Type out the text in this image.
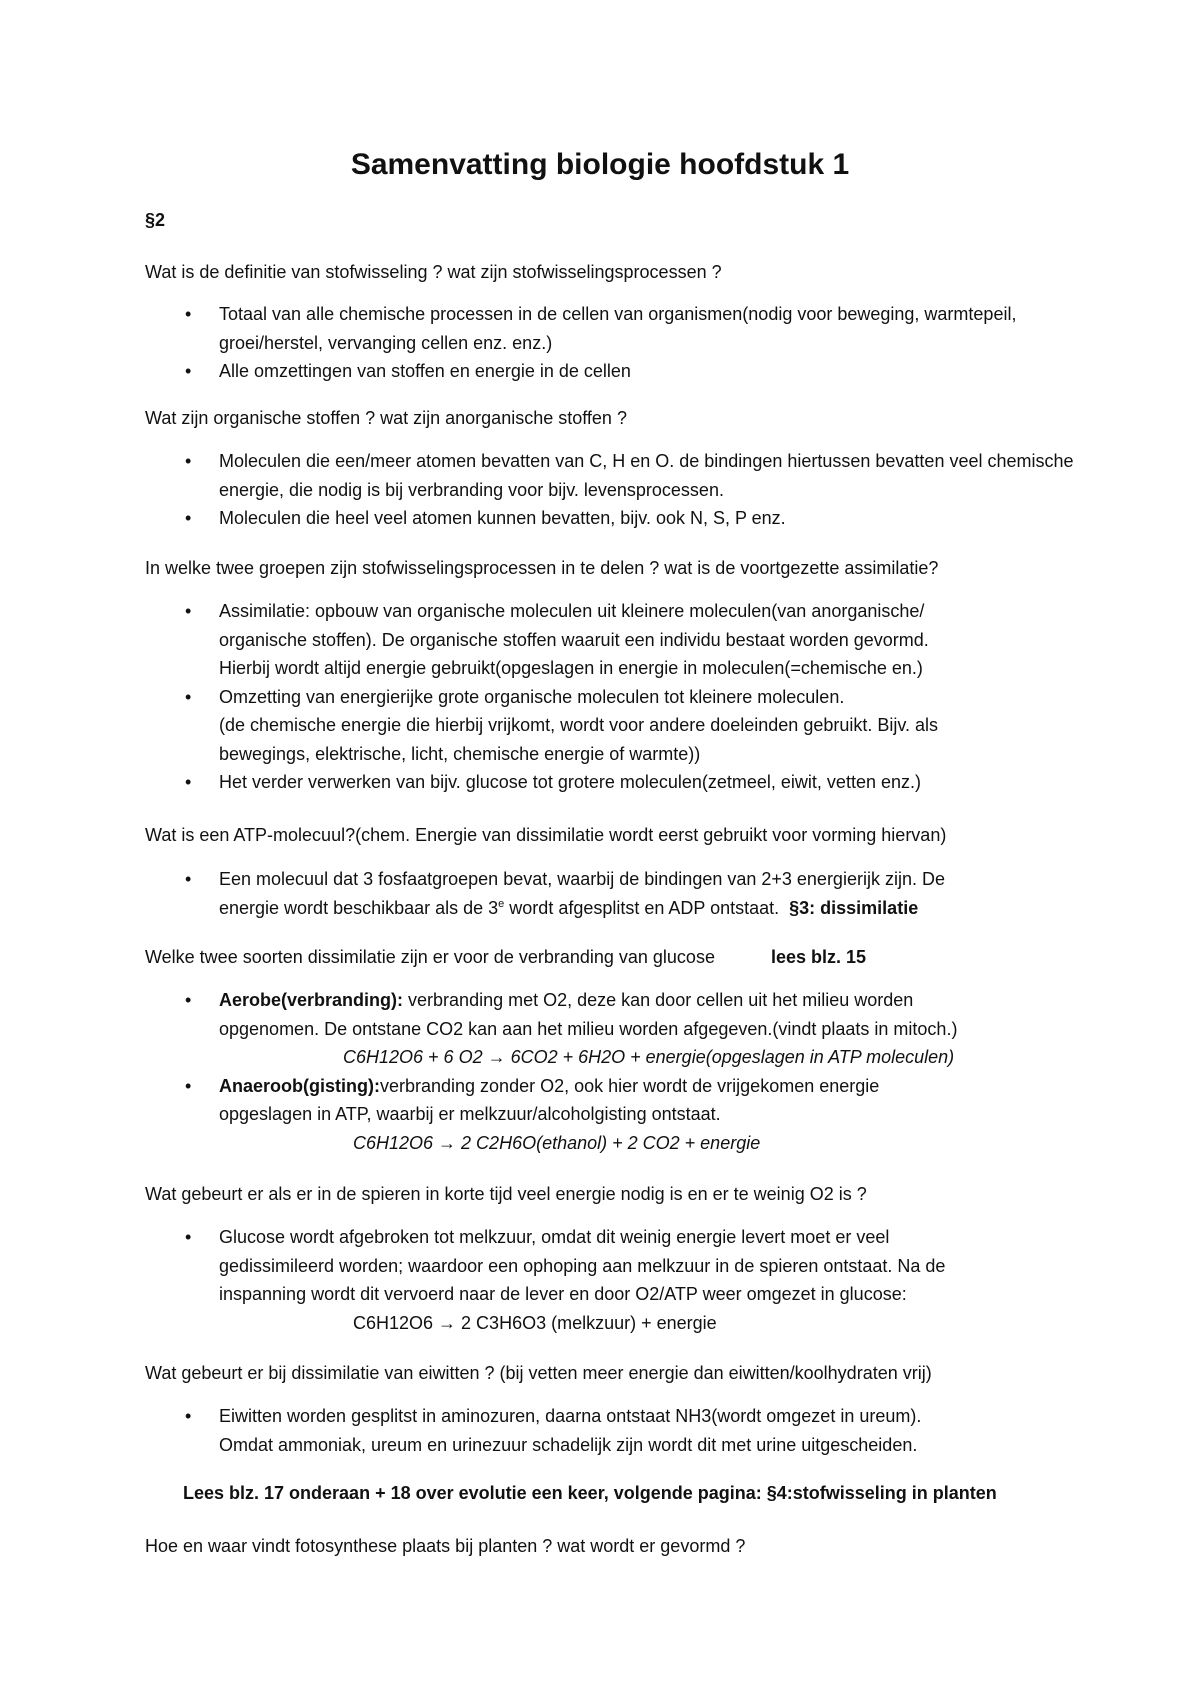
Samenvatting biologie hoofdstuk 1

§2

Wat is de definitie van stofwisseling ? wat zijn stofwisselingsprocessen ?

• Totaal van alle chemische processen in de cellen van organismen(nodig voor beweging, warmtepeil, groei/herstel, vervanging cellen enz. enz.)
• Alle omzettingen van stoffen en energie in de cellen

Wat zijn organische stoffen ? wat zijn anorganische stoffen ?

• Moleculen die een/meer atomen bevatten van C, H en O. de bindingen hiertussen bevatten veel chemische energie, die nodig is bij verbranding voor bijv. levensprocessen.
• Moleculen die heel veel atomen kunnen bevatten, bijv. ook N, S, P enz.

In welke twee groepen zijn stofwisselingsprocessen in te delen ? wat is de voortgezette assimilatie?

• Assimilatie: opbouw van organische moleculen uit kleinere moleculen(van anorganische/
organische stoffen). De organische stoffen waaruit een individu bestaat worden gevormd.
Hierbij wordt altijd energie gebruikt(opgeslagen in energie in moleculen(=chemische en.)
• Omzetting van energierijke grote organische moleculen tot kleinere moleculen.
(de chemische energie die hierbij vrijkomt, wordt voor andere doeleinden gebruikt. Bijv. als
bewegings, elektrische, licht, chemische energie of warmte))
• Het verder verwerken van bijv. glucose tot grotere moleculen(zetmeel, eiwit, vetten enz.)

Wat is een ATP-molecuul?(chem. Energie van dissimilatie wordt eerst gebruikt voor vorming hiervan)

• Een molecuul dat 3 fosfaatgroepen bevat, waarbij de bindingen van 2+3 energierijk zijn. De
energie wordt beschikbaar als de 3e wordt afgesplitst en ADP ontstaat. §3: dissimilatie

Welke twee soorten dissimilatie zijn er voor de verbranding van glucose	lees blz. 15

• Aerobe(verbranding): verbranding met O2, deze kan door cellen uit het milieu worden
opgenomen. De ontstane CO2 kan aan het milieu worden afgegeven.(vindt plaats in mitoch.)
C6H12O6 + 6 O2 → 6CO2 + 6H2O + energie(opgeslagen in ATP moleculen)
• Anaeroob(gisting):verbranding zonder O2, ook hier wordt de vrijgekomen energie
opgeslagen in ATP, waarbij er melkzuur/alcoholgisting ontstaat.
C6H12O6 → 2 C2H6O(ethanol) + 2 CO2 + energie

Wat gebeurt er als er in de spieren in korte tijd veel energie nodig is en er te weinig O2 is ?

• Glucose wordt afgebroken tot melkzuur, omdat dit weinig energie levert moet er veel
gedissimileerd worden; waardoor een ophoping aan melkzuur in de spieren ontstaat. Na de
inspanning wordt dit vervoerd naar de lever en door O2/ATP weer omgezet in glucose:
C6H12O6 → 2 C3H6O3 (melkzuur) + energie

Wat gebeurt er bij dissimilatie van eiwitten ? (bij vetten meer energie dan eiwitten/koolhydraten vrij)

• Eiwitten worden gesplitst in aminozuren, daarna ontstaat NH3(wordt omgezet in ureum).
Omdat ammoniak, ureum en urinezuur schadelijk zijn wordt dit met urine uitgescheiden.

Lees blz. 17 onderaan + 18 over evolutie een keer, volgende pagina: §4:stofwisseling in planten

Hoe en waar vindt fotosynthese plaats bij planten ? wat wordt er gevormd ?
